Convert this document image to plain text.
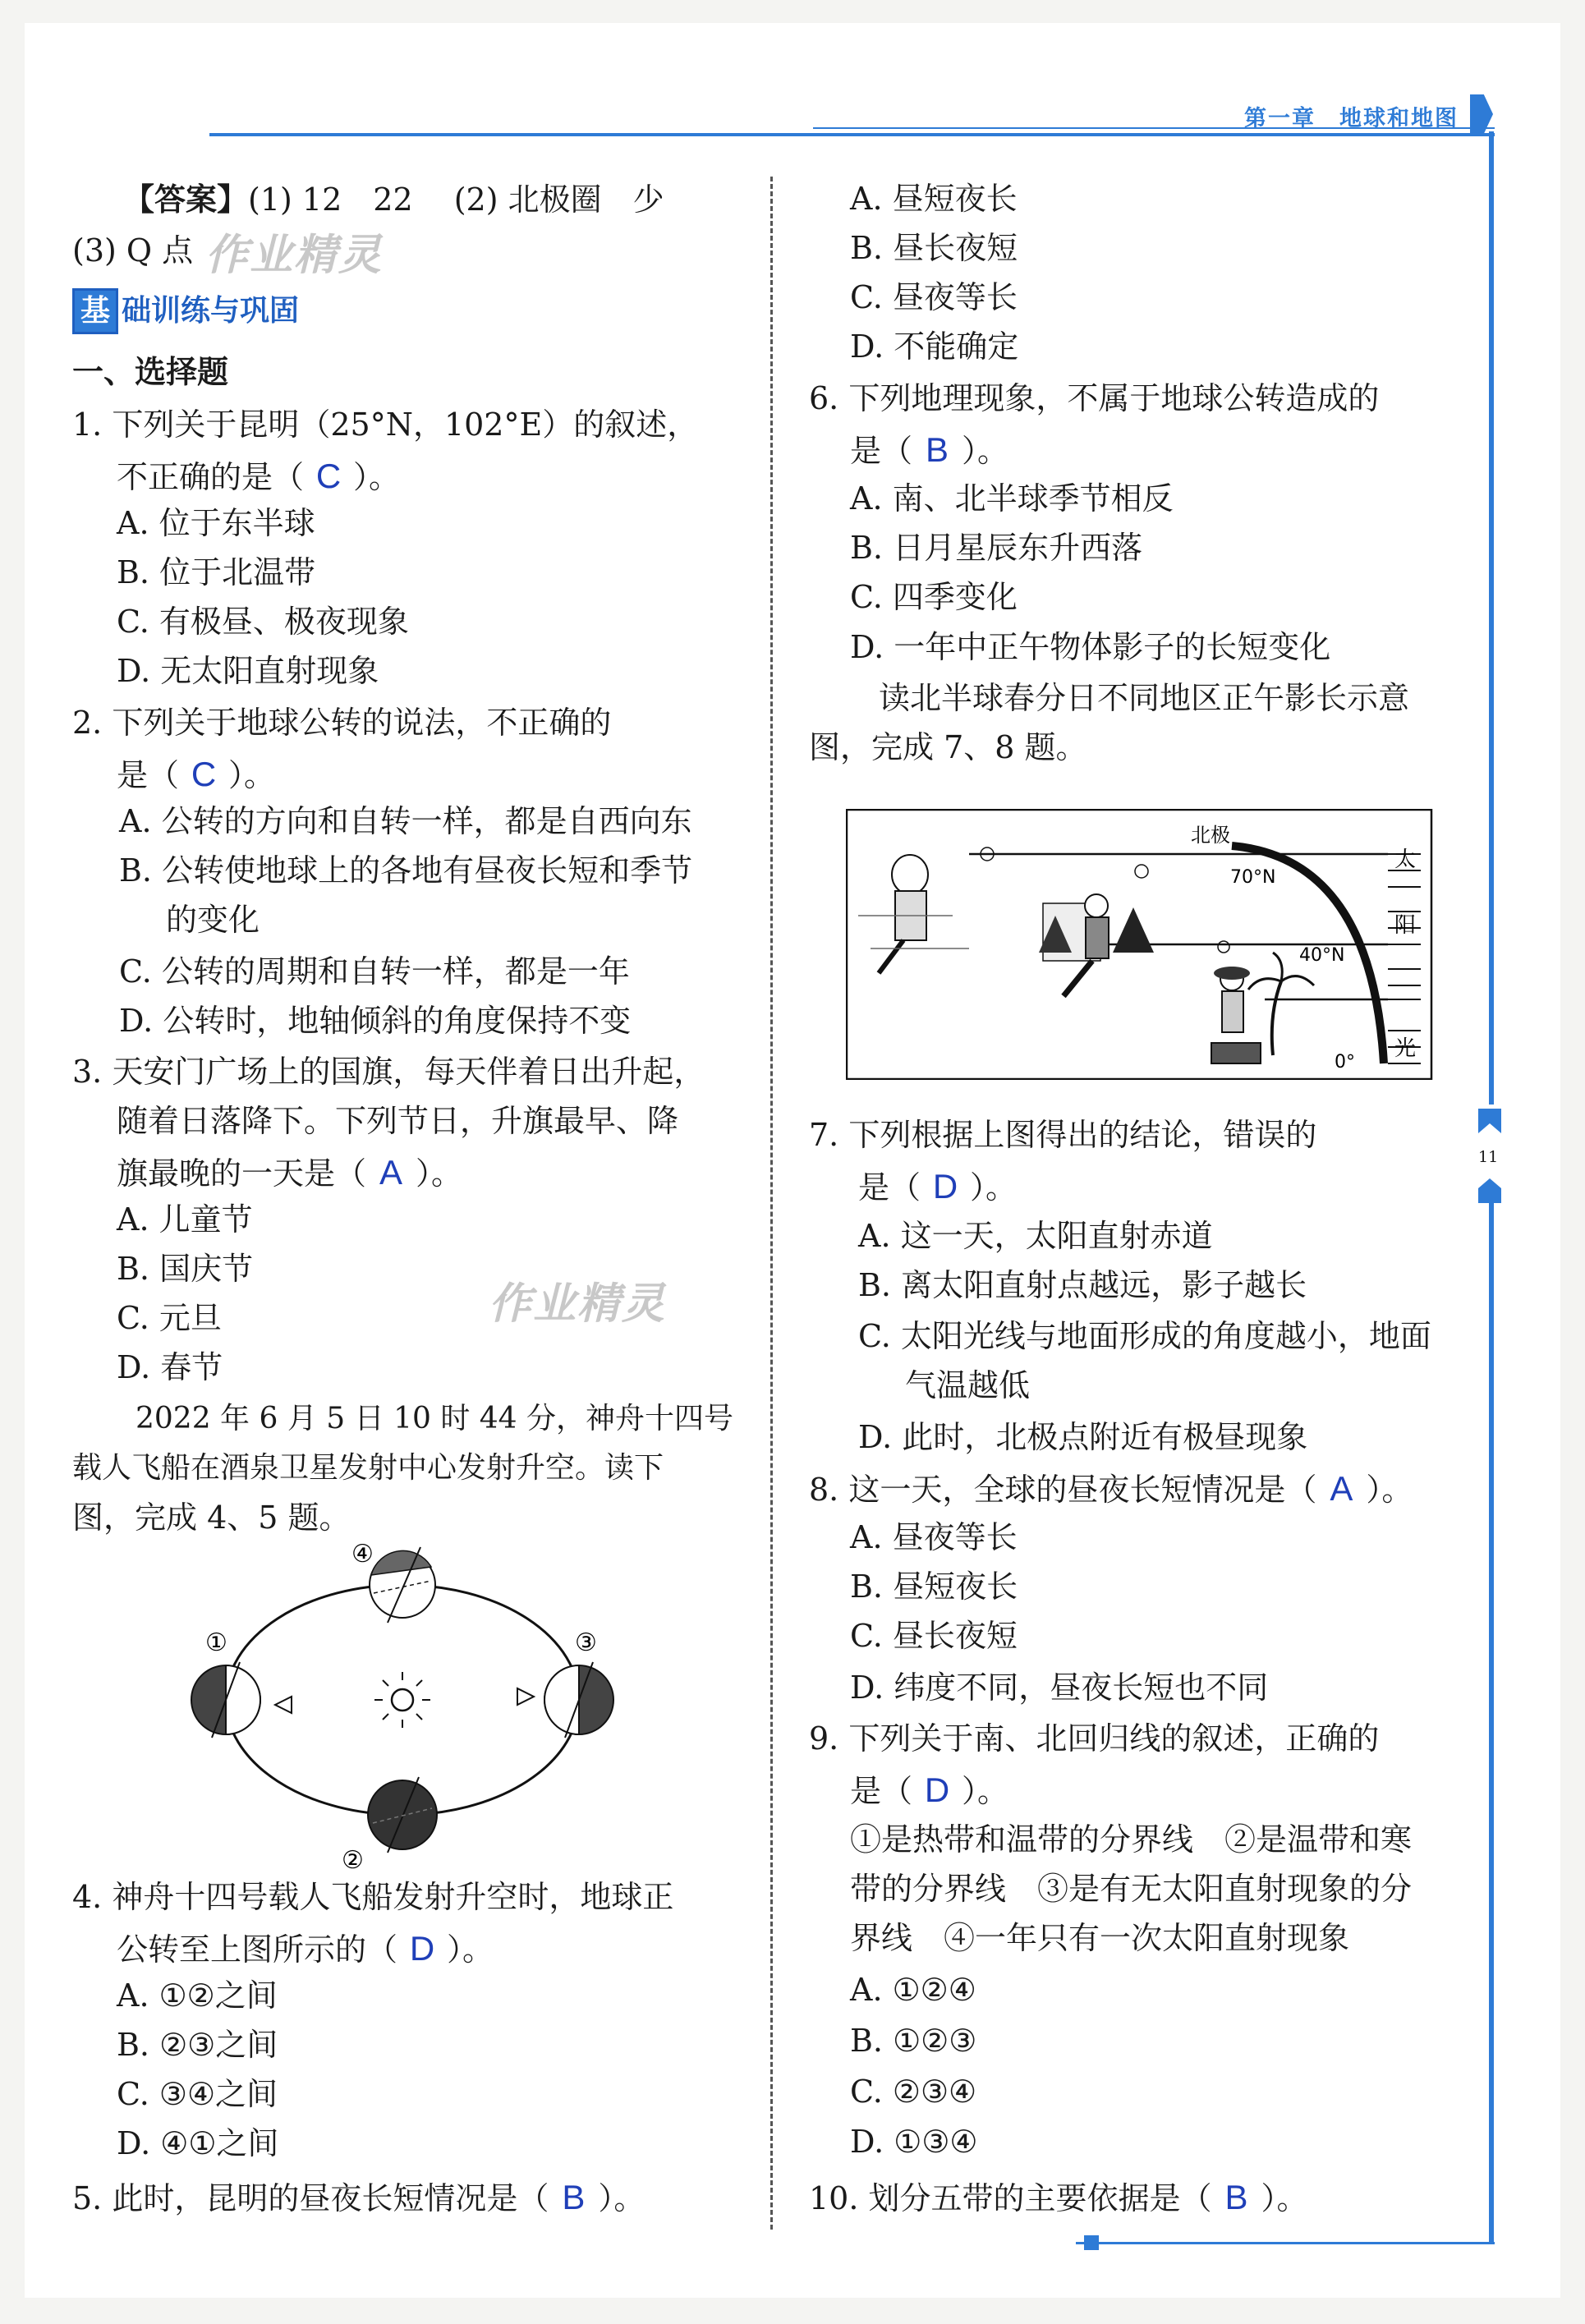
第一章　地球和地图
11
作业精灵
作业精灵
【答案】(1) 12　22　 (2) 北极圈　少
(3) Q 点
基 础训练与巩固
一、选择题
1. 下列关于昆明（25°N，102°E）的叙述，
不正确的是（ C ）。
A. 位于东半球
B. 位于北温带
C. 有极昼、极夜现象
D. 无太阳直射现象
2. 下列关于地球公转的说法，不正确的
是（ C ）。
A. 公转的方向和自转一样，都是自西向东
B. 公转使地球上的各地有昼夜长短和季节
的变化
C. 公转的周期和自转一样，都是一年
D. 公转时，地轴倾斜的角度保持不变
3. 天安门广场上的国旗，每天伴着日出升起，
随着日落降下。下列节日，升旗最早、降
旗最晚的一天是（ A ）。
A. 儿童节
B. 国庆节
C. 元旦
D. 春节
2022 年 6 月 5 日 10 时 44 分，神舟十四号
载人飞船在酒泉卫星发射中心发射升空。读下
图，完成 4、5 题。
④
①	③
②
4. 神舟十四号载人飞船发射升空时，地球正
公转至上图所示的（ D ）。
A. ①②之间
B. ②③之间
C. ③④之间
D. ④①之间
5. 此时，昆明的昼夜长短情况是（ B ）。
A. 昼短夜长
B. 昼长夜短
C. 昼夜等长
D. 不能确定
6. 下列地理现象，不属于地球公转造成的
是（ B ）。
A. 南、北半球季节相反
B. 日月星辰东升西落
C. 四季变化
D. 一年中正午物体影子的长短变化
读北半球春分日不同地区正午影长示意
图，完成 7、8 题。
北极
70°N
40°N
0°
太
阳
光
7. 下列根据上图得出的结论，错误的
是（ D ）。
A. 这一天，太阳直射赤道
B. 离太阳直射点越远，影子越长
C. 太阳光线与地面形成的角度越小，地面
气温越低
D. 此时，北极点附近有极昼现象
8. 这一天，全球的昼夜长短情况是（ A ）。
A. 昼夜等长
B. 昼短夜长
C. 昼长夜短
D. 纬度不同，昼夜长短也不同
9. 下列关于南、北回归线的叙述，正确的
是（ D ）。
①是热带和温带的分界线　②是温带和寒
带的分界线　③是有无太阳直射现象的分
界线　④一年只有一次太阳直射现象
A. ①②④
B. ①②③
C. ②③④
D. ①③④
10. 划分五带的主要依据是（ B ）。
